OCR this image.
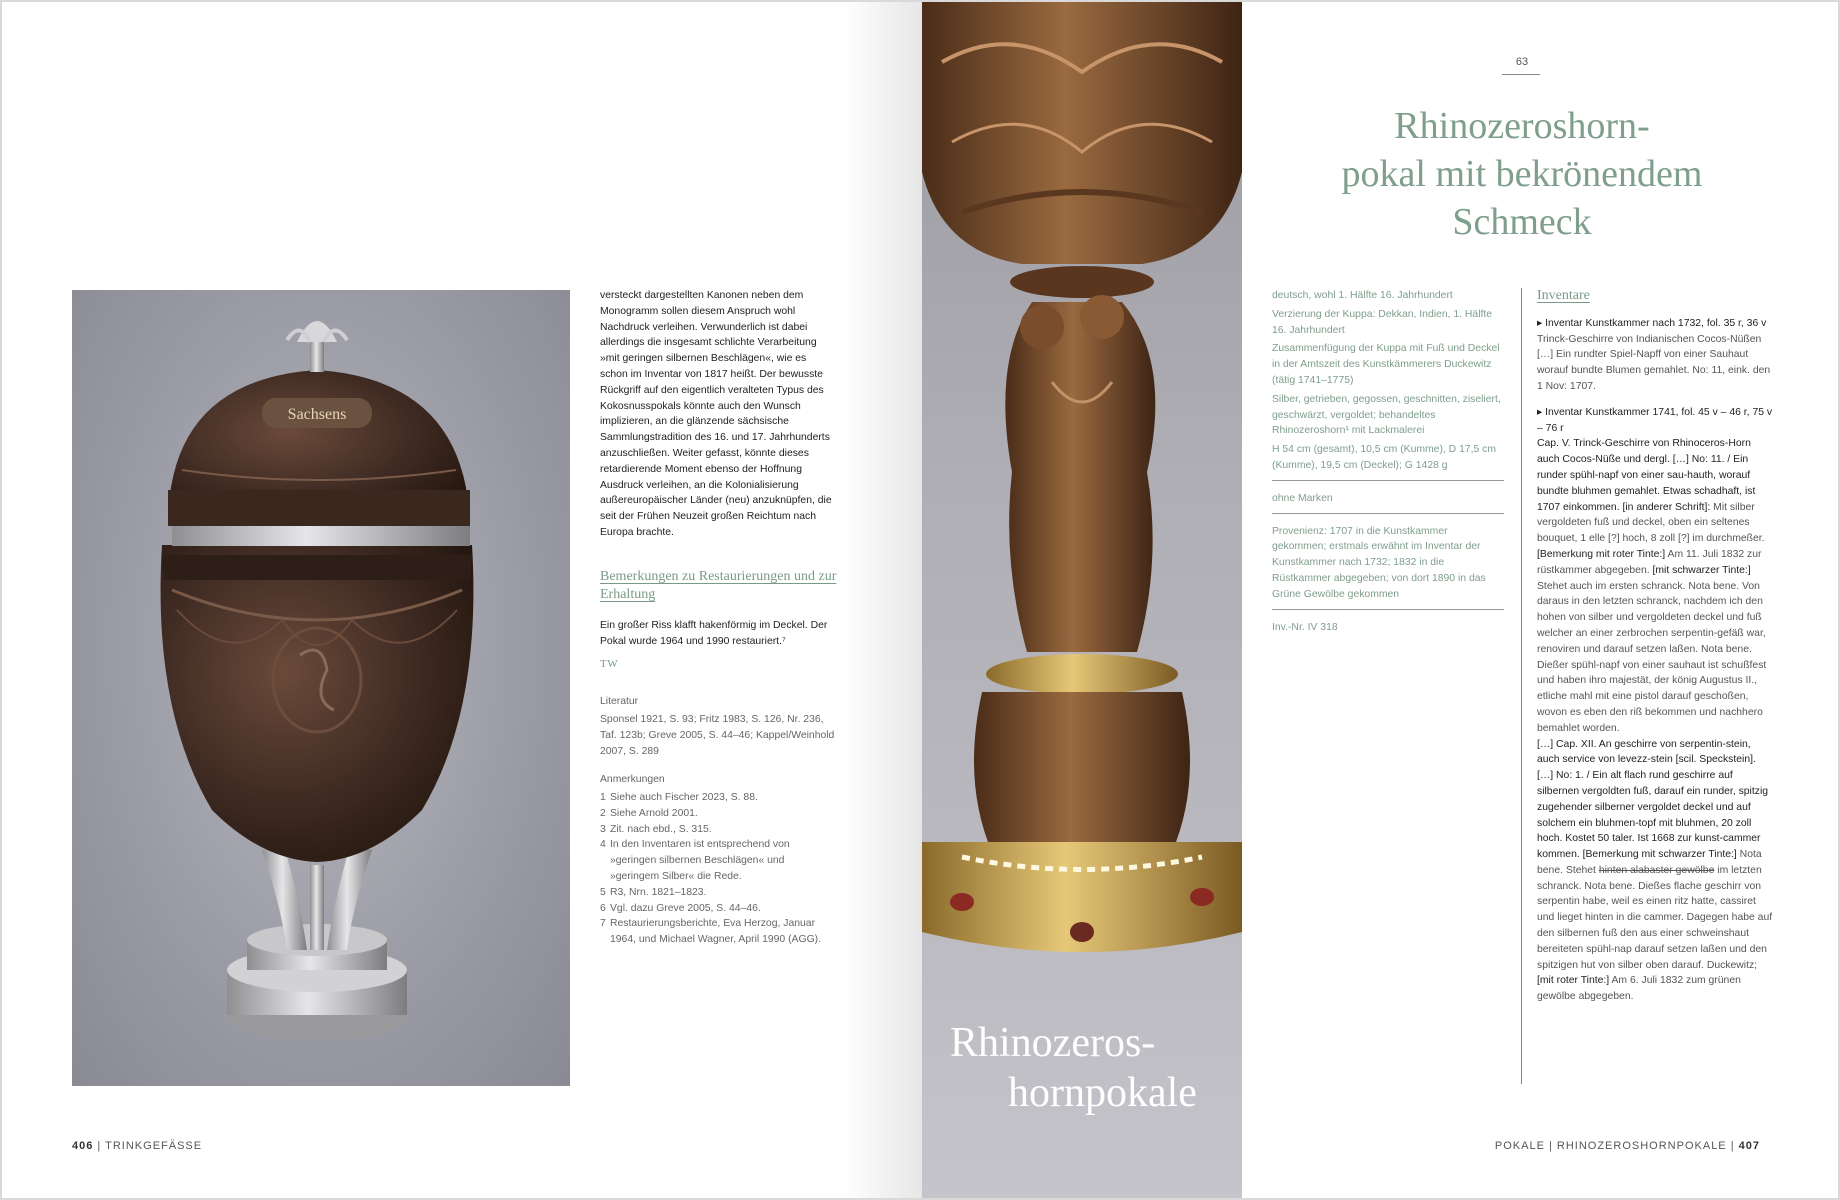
Sachsens
versteckt dargestellten Kanonen neben dem Monogramm sollen diesem Anspruch wohl Nachdruck verleihen. Verwunderlich ist dabei allerdings die insgesamt schlichte Verarbeitung »mit geringen silbernen Beschlägen«, wie es schon im Inventar von 1817 heißt. Der bewusste Rückgriff auf den eigentlich veralteten Typus des Kokosnusspokals könnte auch den Wunsch implizieren, an die glänzende sächsische Sammlungstradition des 16. und 17. Jahrhunderts anzuschließen. Weiter gefasst, könnte dieses retardierende Moment ebenso der Hoffnung Ausdruck verleihen, an die Kolonialisierung außereuropäischer Länder (neu) anzuknüpfen, die seit der Frühen Neuzeit großen Reichtum nach Europa brachte.
Bemerkungen zu Restaurierungen und zur Erhaltung
Ein großer Riss klafft hakenförmig im Deckel. Der Pokal wurde 1964 und 1990 restauriert.⁷
TW
Literatur
Sponsel 1921, S. 93; Fritz 1983, S. 126, Nr. 236, Taf. 123b; Greve 2005, S. 44–46; Kappel/Weinhold 2007, S. 289
Anmerkungen
1 Siehe auch Fischer 2023, S. 88.
2 Siehe Arnold 2001.
3 Zit. nach ebd., S. 315.
4 In den Inventaren ist entsprechend von »geringen silbernen Beschlägen« und »geringem Silber« die Rede.
5 R3, Nrn. 1821–1823.
6 Vgl. dazu Greve 2005, S. 44–46.
7 Restaurierungsberichte, Eva Herzog, Januar 1964, und Michael Wagner, April 1990 (AGG).
406 | TRINKGEFÄSSE
Rhinozeros-
hornpokale
63
Rhinozeroshorn-
pokal mit bekrönendem
Schmeck
deutsch, wohl 1. Hälfte 16. Jahrhundert
Verzierung der Kuppa: Dekkan, Indien, 1. Hälfte 16. Jahrhundert
Zusammenfügung der Kuppa mit Fuß und Deckel in der Amtszeit des Kunstkämmerers Duckewitz (tätig 1741–1775)
Silber, getrieben, gegossen, geschnitten, ziseliert, geschwärzt, vergoldet; behandeltes Rhinozeroshorn¹ mit Lackmalerei
H 54 cm (gesamt), 10,5 cm (Kumme), D 17,5 cm (Kumme), 19,5 cm (Deckel); G 1428 g
ohne Marken
Provenienz: 1707 in die Kunstkammer gekommen; erstmals erwähnt im Inventar der Kunstkammer nach 1732; 1832 in die Rüstkammer abgegeben; von dort 1890 in das Grüne Gewölbe gekommen
Inv.-Nr. IV 318
Inventare
▸ Inventar Kunstkammer nach 1732, fol. 35 r, 36 v
Trinck-Geschirre von Indianischen Cocos-Nüßen […] Ein rundter Spiel-Napff von einer Sauhaut worauf bundte Blumen gemahlet. No: 11, eink. den 1 Nov: 1707.
▸ Inventar Kunstkammer 1741, fol. 45 v – 46 r, 75 v – 76 r
Cap. V. Trinck-Geschirre von Rhinoceros-Horn auch Cocos-Nüße und dergl. […] No: 11. / Ein runder spühl-napf von einer sau-hauth, worauf bundte bluhmen gemahlet. Etwas schadhaft, ist 1707 einkommen. [in anderer Schrift]: Mit silber vergoldeten fuß und deckel, oben ein seltenes bouquet, 1 elle [?] hoch, 8 zoll [?] im durchmeßer. [Bemerkung mit roter Tinte:] Am 11. Juli 1832 zur rüstkammer abgegeben. [mit schwarzer Tinte:] Stehet auch im ersten schranck. Nota bene. Von daraus in den letzten schranck, nachdem ich den hohen von silber und vergoldeten deckel und fuß welcher an einer zerbrochen serpentin-gefäß war, renoviren und darauf setzen laßen. Nota bene. Dießer spühl-napf von einer sauhaut ist schußfest und haben ihro majestät, der könig Augustus II., etliche mahl mit eine pistol darauf geschoßen, wovon es eben den riß bekommen und nachhero bemahlet worden.
[…] Cap. XII. An geschirre von serpentin-stein, auch service von levezz-stein [scil. Speckstein]. […] No: 1. / Ein alt flach rund geschirre auf silbernen vergoldten fuß, darauf ein runder, spitzig zugehender silberner vergoldet deckel und auf solchem ein bluhmen-topf mit bluhmen, 20 zoll hoch. Kostet 50 taler. Ist 1668 zur kunst-cammer kommen. [Bemerkung mit schwarzer Tinte:] Nota bene. Stehet hinten alabaster gewölbe im letzten schranck. Nota bene. Dießes flache geschirr von serpentin habe, weil es einen ritz hatte, cassiret und lieget hinten in die cammer. Dagegen habe auf den silbernen fuß den aus einer schweinshaut bereiteten spühl-nap darauf setzen laßen und den spitzigen hut von silber oben darauf. Duckewitz; [mit roter Tinte:] Am 6. Juli 1832 zum grünen gewölbe abgegeben.
POKALE | RHINOZEROSHORNPOKALE | 407
